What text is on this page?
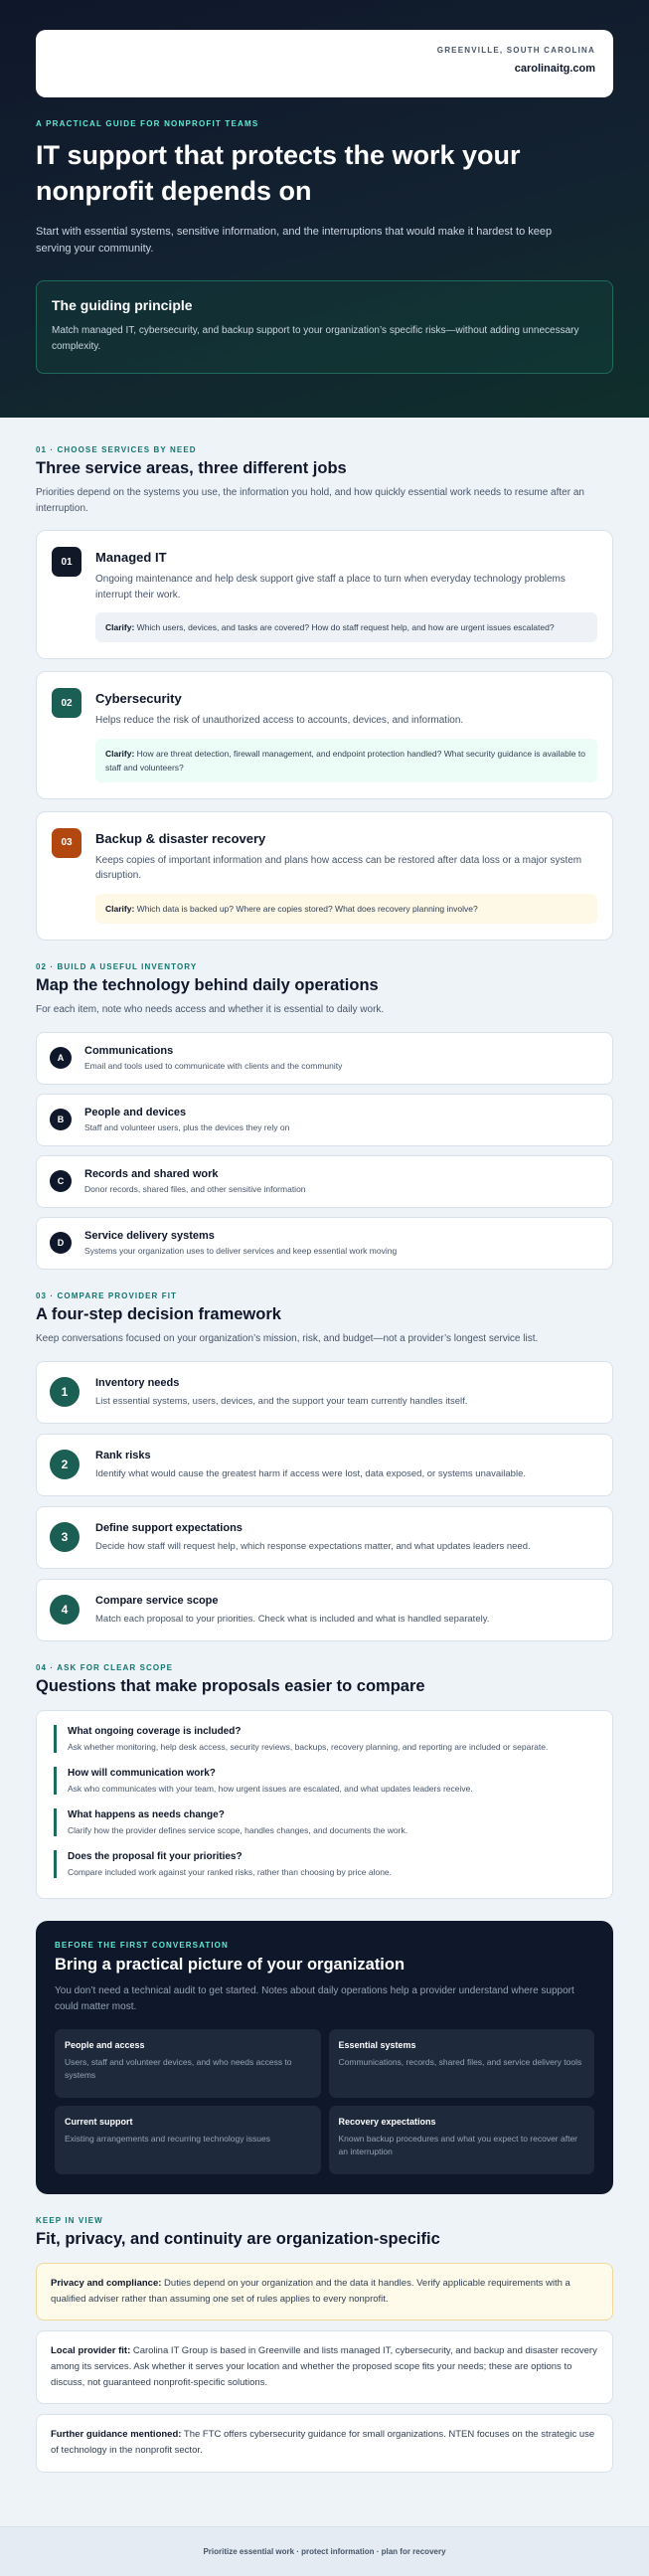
GREENVILLE, SOUTH CAROLINA
carolinaitg.com
A PRACTICAL GUIDE FOR NONPROFIT TEAMS
IT support that protects the work your nonprofit depends on

Start with essential systems, sensitive information, and the interruptions that would make it hardest to keep serving your community.

The guiding principle
Match managed IT, cybersecurity, and backup support to your organization’s specific risks—without adding unnecessary complexity.
01 · CHOOSE SERVICES BY NEED
Three service areas, three different jobs

Priorities depend on the systems you use, the information you hold, and how quickly essential work needs to resume after an interruption.

01	Managed IT
Ongoing maintenance and help desk support give staff a place to turn when everyday technology problems interrupt their work.
Clarify: Which users, devices, and tasks are covered? How do staff request help, and how are urgent issues escalated?
02	Cybersecurity
Helps reduce the risk of unauthorized access to accounts, devices, and information.
Clarify: How are threat detection, firewall management, and endpoint protection handled? What security guidance is available to staff and volunteers?
03	Backup & disaster recovery
Keeps copies of important information and plans how access can be restored after data loss or a major system disruption.
Clarify: Which data is backed up? Where are copies stored? What does recovery planning involve?
02 · BUILD A USEFUL INVENTORY
Map the technology behind daily operations

For each item, note who needs access and whether it is essential to daily work.

A
Communications
Email and tools used to communicate with clients and the community
B
People and devices
Staff and volunteer users, plus the devices they rely on
C
Records and shared work
Donor records, shared files, and other sensitive information
D
Service delivery systems
Systems your organization uses to deliver services and keep essential work moving
03 · COMPARE PROVIDER FIT
A four-step decision framework

Keep conversations focused on your organization’s mission, risk, and budget—not a provider’s longest service list.

1
Inventory needs
List essential systems, users, devices, and the support your team currently handles itself.
2
Rank risks
Identify what would cause the greatest harm if access were lost, data exposed, or systems unavailable.
3
Define support expectations
Decide how staff will request help, which response expectations matter, and what updates leaders need.
4
Compare service scope
Match each proposal to your priorities. Check what is included and what is handled separately.
04 · ASK FOR CLEAR SCOPE
Questions that make proposals easier to compare
What ongoing coverage is included?
Ask whether monitoring, help desk access, security reviews, backups, recovery planning, and reporting are included or separate.
How will communication work?
Ask who communicates with your team, how urgent issues are escalated, and what updates leaders receive.
What happens as needs change?
Clarify how the provider defines service scope, handles changes, and documents the work.
Does the proposal fit your priorities?
Compare included work against your ranked risks, rather than choosing by price alone.
BEFORE THE FIRST CONVERSATION
Bring a practical picture of your organization

You don’t need a technical audit to get started. Notes about daily operations help a provider understand where support could matter most.

People and access
Users, staff and volunteer devices, and who needs access to systems
Essential systems
Communications, records, shared files, and service delivery tools
Current support
Existing arrangements and recurring technology issues
Recovery expectations
Known backup procedures and what you expect to recover after an interruption
KEEP IN VIEW
Fit, privacy, and continuity are organization-specific
Privacy and compliance: Duties depend on your organization and the data it handles. Verify applicable requirements with a qualified adviser rather than assuming one set of rules applies to every nonprofit.
Local provider fit: Carolina IT Group is based in Greenville and lists managed IT, cybersecurity, and backup and disaster recovery among its services. Ask whether it serves your location and whether the proposed scope fits your needs; these are options to discuss, not guaranteed nonprofit-specific solutions.
Further guidance mentioned: The FTC offers cybersecurity guidance for small organizations. NTEN focuses on the strategic use of technology in the nonprofit sector.
Prioritize essential work · protect information · plan for recovery
